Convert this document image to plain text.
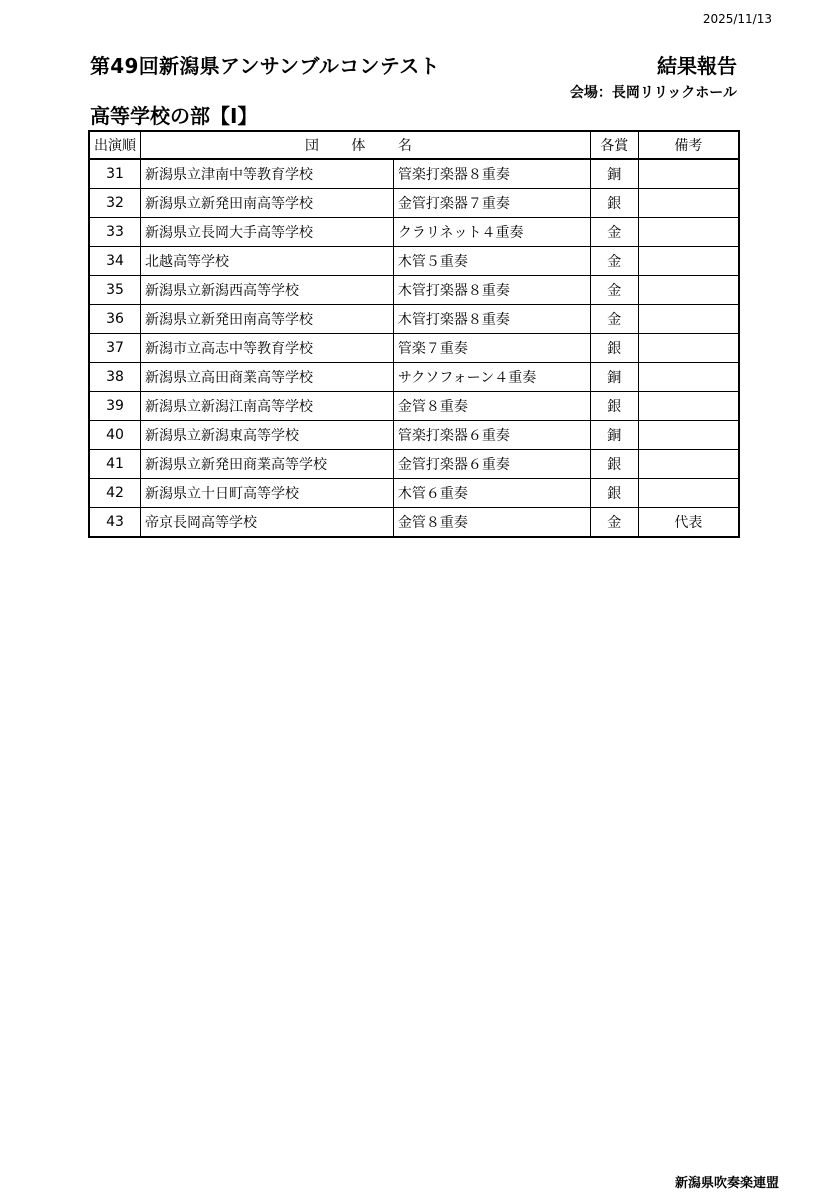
2025/11/13
第49回新潟県アンサンブルコンテスト	結果報告
会場：長岡リリックホール
高等学校の部【Ⅰ】
出演順	団 体 名		各賞	備考
31	新潟県立津南中等教育学校	管楽打楽器８重奏	銅	
32	新潟県立新発田南高等学校	金管打楽器７重奏	銀	
33	新潟県立長岡大手高等学校	クラリネット４重奏	金	
34	北越高等学校	木管５重奏	金	
35	新潟県立新潟西高等学校	木管打楽器８重奏	金	
36	新潟県立新発田南高等学校	木管打楽器８重奏	金	
37	新潟市立高志中等教育学校	管楽７重奏	銀	
38	新潟県立高田商業高等学校	サクソフォーン４重奏	銅	
39	新潟県立新潟江南高等学校	金管８重奏	銀	
40	新潟県立新潟東高等学校	管楽打楽器６重奏	銅	
41	新潟県立新発田商業高等学校	金管打楽器６重奏	銀	
42	新潟県立十日町高等学校	木管６重奏	銀	
43	帝京長岡高等学校	金管８重奏	金	代表
新潟県吹奏楽連盟
